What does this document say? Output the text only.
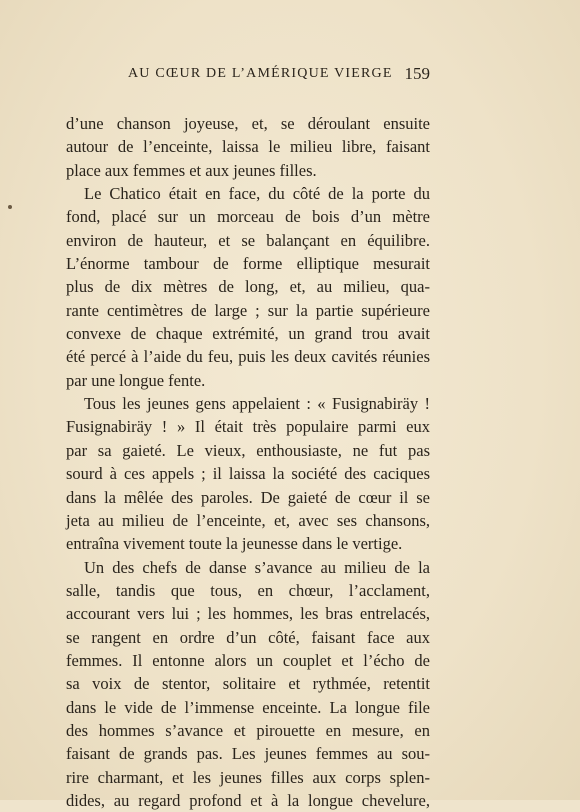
AU CŒUR DE L’AMÉRIQUE VIERGE 159
d’une chanson joyeuse, et, se déroulant ensuite
autour de l’enceinte, laissa le milieu libre, faisant
place aux femmes et aux jeunes filles.
Le Chatico était en face, du côté de la porte du
fond, placé sur un morceau de bois d’un mètre
environ de hauteur, et se balançant en équilibre.
L’énorme tambour de forme elliptique mesurait
plus de dix mètres de long, et, au milieu, qua-
rante centimètres de large ; sur la partie supérieure
convexe de chaque extrémité, un grand trou avait
été percé à l’aide du feu, puis les deux cavités réunies
par une longue fente.
Tous les jeunes gens appelaient : « Fusignabiräy !
Fusignabiräy ! » Il était très populaire parmi eux
par sa gaieté. Le vieux, enthousiaste, ne fut pas
sourd à ces appels ; il laissa la société des caciques
dans la mêlée des paroles. De gaieté de cœur il se
jeta au milieu de l’enceinte, et, avec ses chansons,
entraîna vivement toute la jeunesse dans le vertige.
Un des chefs de danse s’avance au milieu de la
salle, tandis que tous, en chœur, l’acclament,
accourant vers lui ; les hommes, les bras entrelacés,
se rangent en ordre d’un côté, faisant face aux
femmes. Il entonne alors un couplet et l’écho de
sa voix de stentor, solitaire et rythmée, retentit
dans le vide de l’immense enceinte. La longue file
des hommes s’avance et pirouette en mesure, en
faisant de grands pas. Les jeunes femmes au sou-
rire charmant, et les jeunes filles aux corps splen-
dides, au regard profond et à la longue chevelure,
